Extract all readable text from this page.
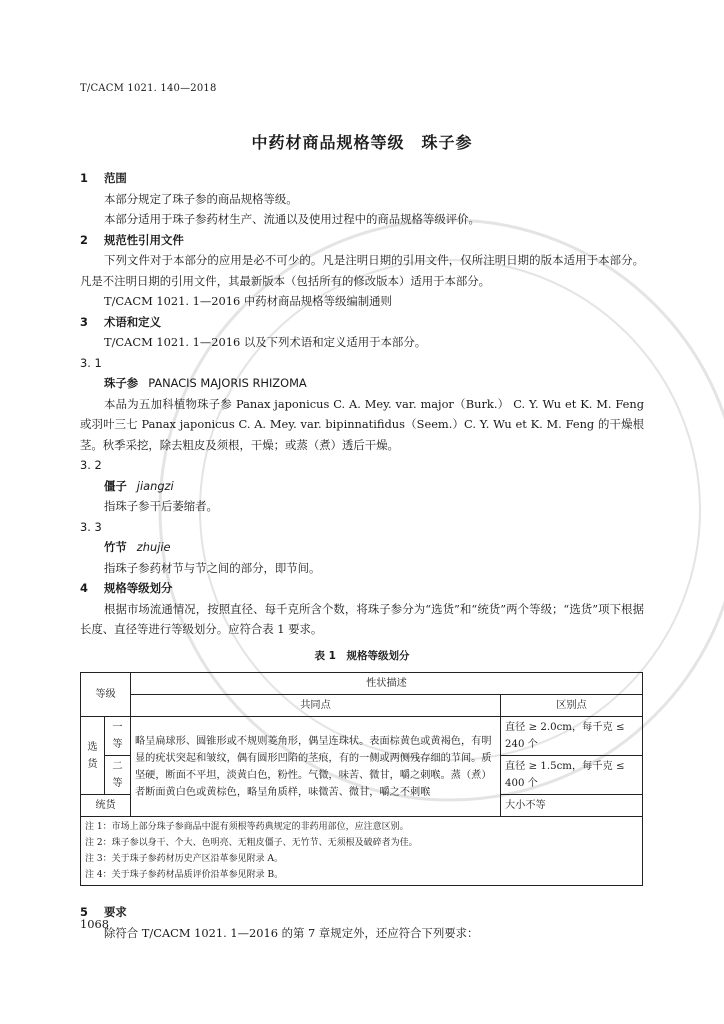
T/CACM 1021. 140—2018
中药材商品规格等级　珠子参
1 范围

本部分规定了珠子参的商品规格等级。

本部分适用于珠子参药材生产、流通以及使用过程中的商品规格等级评价。

2 规范性引用文件

下列文件对于本部分的应用是必不可少的。凡是注明日期的引用文件，仅所注明日期的版本适用于本部分。凡是不注明日期的引用文件，其最新版本（包括所有的修改版本）适用于本部分。

T/CACM 1021. 1—2016 中药材商品规格等级编制通则

3 术语和定义

T/CACM 1021. 1—2016 以及下列术语和定义适用于本部分。

3. 1
珠子参 PANACIS MAJORIS RHIZOMA

本品为五加科植物珠子参 Panax japonicus C. A. Mey. var. major（Burk.） C. Y. Wu et K. M. Feng 或羽叶三七 Panax japonicus C. A. Mey. var. bipinnatifidus（Seem.）C. Y. Wu et K. M. Feng 的干燥根茎。秋季采挖，除去粗皮及须根，干燥；或蒸（煮）透后干燥。

3. 2
僵子 jiangzi

指珠子参干后萎缩者。

3. 3
竹节 zhujie

指珠子参药材节与节之间的部分，即节间。

4 规格等级划分

根据市场流通情况，按照直径、每千克所含个数，将珠子参分为“选货”和“统货”两个等级；“选货”项下根据长度、直径等进行等级划分。应符合表 1 要求。

表 1　规格等级划分
等级		性状描述	
		共同点	区别点
选货	一等	略呈扁球形、圆锥形或不规则菱角形，偶呈连珠状。表面棕黄色或黄褐色，有明显的疣状突起和皱纹，偶有圆形凹陷的茎痕，有的一侧或两侧残存细的节间。质坚硬，断面不平坦，淡黄白色，粉性。气微，味苦、微甘，嚼之刺喉。蒸（煮）者断面黄白色或黄棕色，略呈角质样，味微苦、微甘，嚼之不刺喉	直径 ≥ 2.0cm，每千克 ≤ 240 个
	二等		直径 ≥ 1.5cm，每千克 ≤ 400 个
统货			大小不等

注 1：市场上部分珠子参商品中混有须根等药典规定的非药用部位，应注意区别。
注 2：珠子参以身干、个大、色明亮、无粗皮僵子、无竹节、无须根及破碎者为佳。
注 3：关于珠子参药材历史产区沿革参见附录 A。
注 4：关于珠子参药材品质评价沿革参见附录 B。			
5 要求

除符合 T/CACM 1021. 1—2016 的第 7 章规定外，还应符合下列要求：

1068
